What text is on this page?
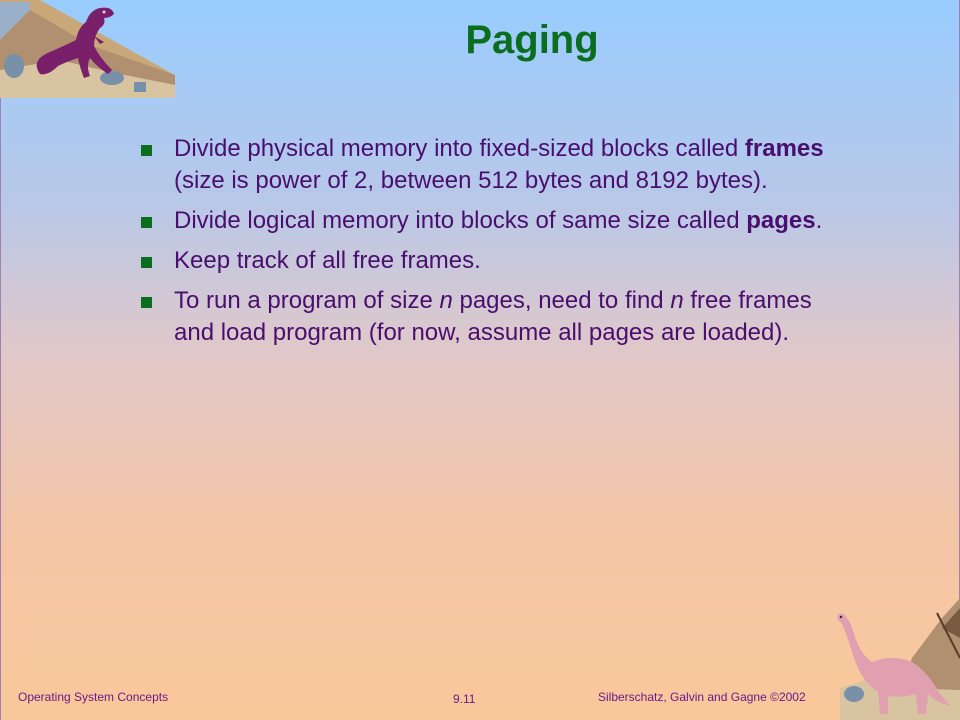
Paging
Divide physical memory into fixed-sized blocks called frames (size is power of 2, between 512 bytes and 8192 bytes).
Divide logical memory into blocks of same size called pages.
Keep track of all free frames.
To run a program of size n pages, need to find n free frames and load program (for now, assume all pages are loaded).
Operating System Concepts	9.11	Silberschatz, Galvin and Gagne ©2002
